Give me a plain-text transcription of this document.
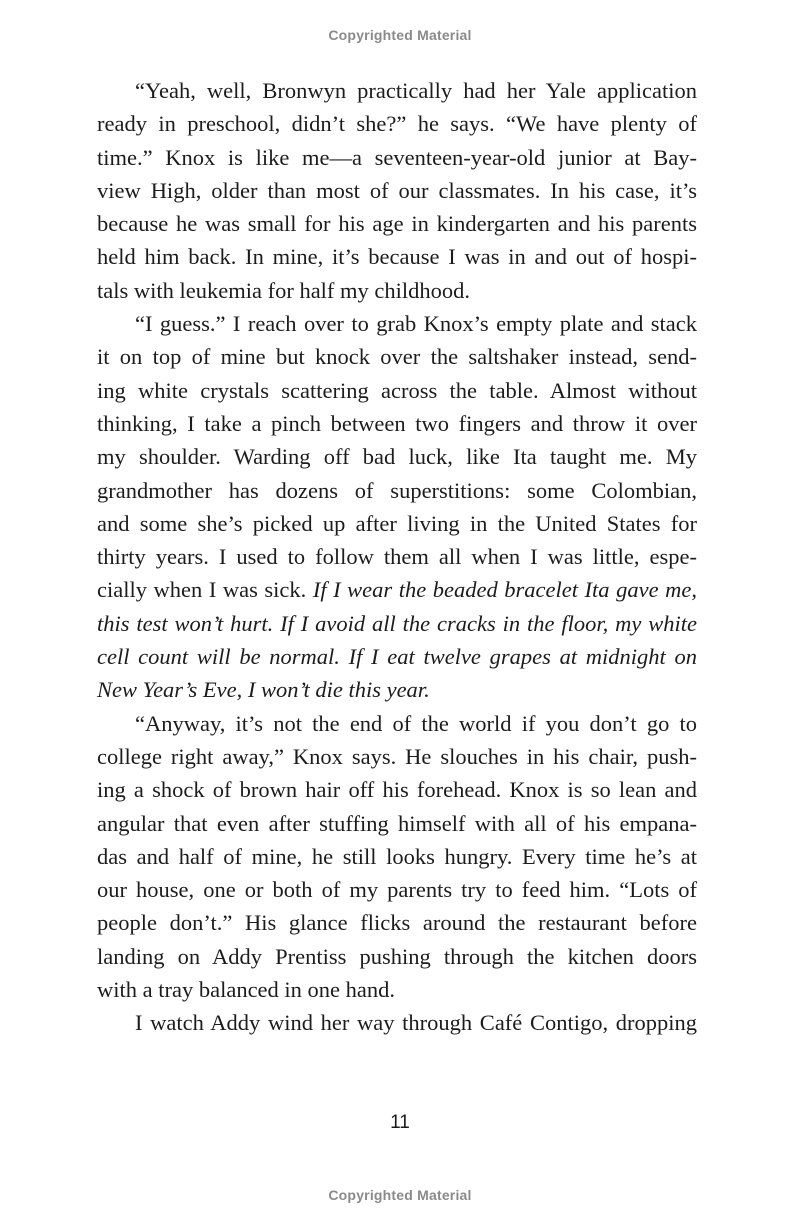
Copyrighted Material
“Yeah, well, Bronwyn practically had her Yale application
ready in preschool, didn’t she?” he says. “We have plenty of
time.” Knox is like me—a seventeen-year-old junior at Bay-
view High, older than most of our classmates. In his case, it’s
because he was small for his age in kindergarten and his parents
held him back. In mine, it’s because I was in and out of hospi-
tals with leukemia for half my childhood.
“I guess.” I reach over to grab Knox’s empty plate and stack
it on top of mine but knock over the saltshaker instead, send-
ing white crystals scattering across the table. Almost without
thinking, I take a pinch between two fingers and throw it over
my shoulder. Warding off bad luck, like Ita taught me. My
grandmother has dozens of superstitions: some Colombian,
and some she’s picked up after living in the United States for
thirty years. I used to follow them all when I was little, espe-
cially when I was sick. If I wear the beaded bracelet Ita gave me,
this test won’t hurt. If I avoid all the cracks in the floor, my white
cell count will be normal. If I eat twelve grapes at midnight on
New Year’s Eve, I won’t die this year.
“Anyway, it’s not the end of the world if you don’t go to
college right away,” Knox says. He slouches in his chair, push-
ing a shock of brown hair off his forehead. Knox is so lean and
angular that even after stuffing himself with all of his empana-
das and half of mine, he still looks hungry. Every time he’s at
our house, one or both of my parents try to feed him. “Lots of
people don’t.” His glance flicks around the restaurant before
landing on Addy Prentiss pushing through the kitchen doors
with a tray balanced in one hand.
I watch Addy wind her way through Café Contigo, dropping
11
Copyrighted Material
